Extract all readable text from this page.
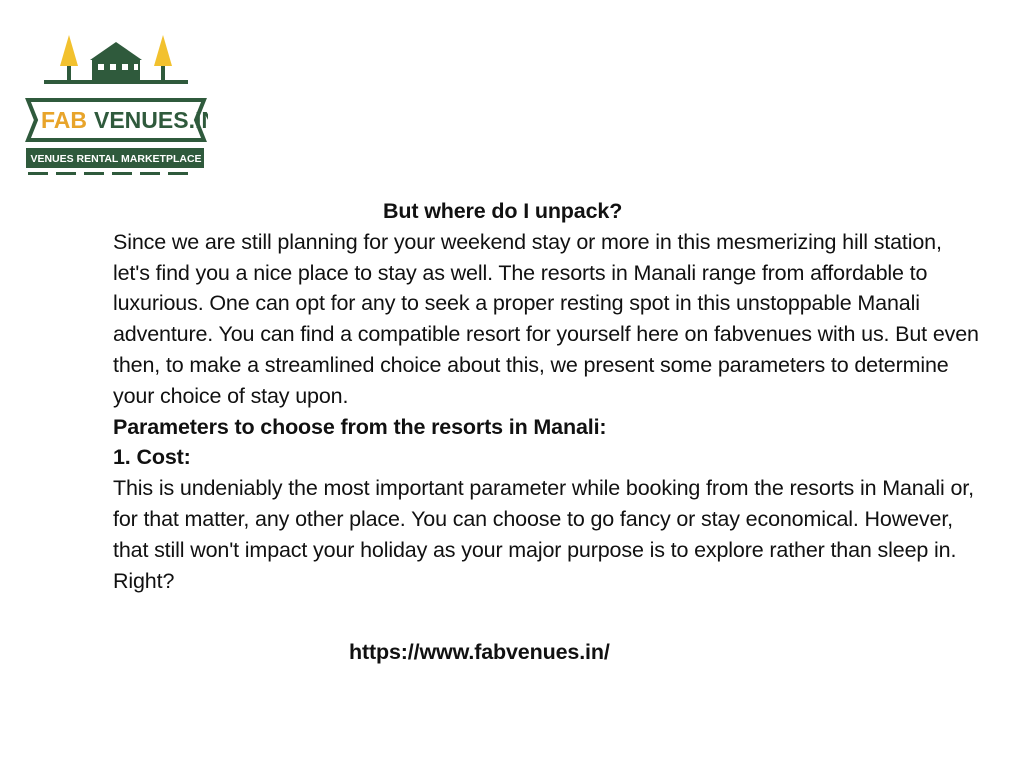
FAB VENUES.IN
VENUES RENTAL MARKETPLACE

But where do I unpack?

Since we are still planning for your weekend stay or more in this mesmerizing hill station, let's find you a nice place to stay as well. The resorts in Manali range from affordable to luxurious. One can opt for any to seek a proper resting spot in this unstoppable Manali adventure. You can find a compatible resort for yourself here on fabvenues with us. But even then, to make a streamlined choice about this, we present some parameters to determine your choice of stay upon.

Parameters to choose from the resorts in Manali:

1. Cost:

This is undeniably the most important parameter while booking from the resorts in Manali or, for that matter, any other place. You can choose to go fancy or stay economical. However, that still won't impact your holiday as your major purpose is to explore rather than sleep in. Right?

https://www.fabvenues.in/
